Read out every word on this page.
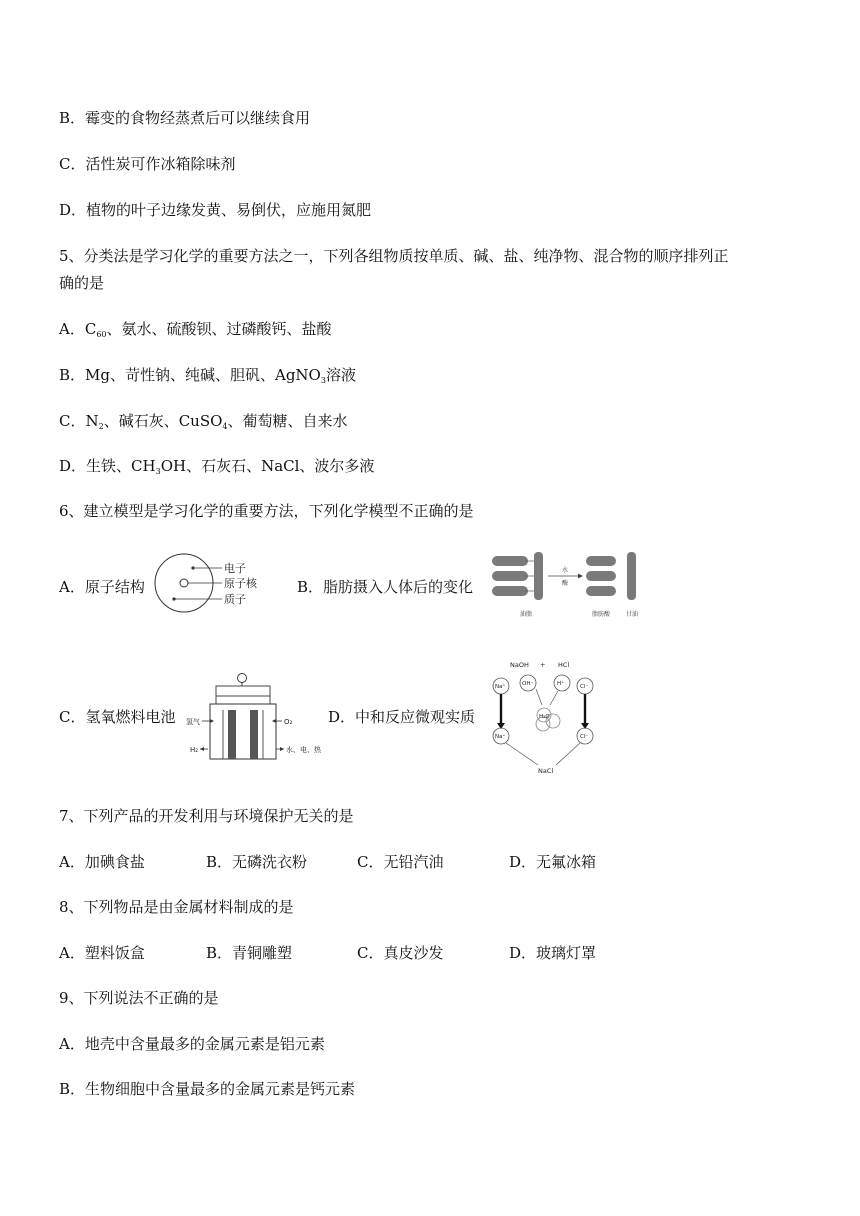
B．霉变的食物经蒸煮后可以继续食用
C．活性炭可作冰箱除味剂
D．植物的叶子边缘发黄、易倒伏，应施用氮肥
5、分类法是学习化学的重要方法之一，下列各组物质按单质、碱、盐、纯净物、混合物的顺序排列正
确的是
A．$C_{60}$、氨水、硫酸钡、过磷酸钙、盐酸
B．Mg、苛性钠、纯碱、胆矾、AgNO$_3$溶液
C．$N_2$、碱石灰、CuSO$_4$、葡萄糖、自来水
D．生铁、$CH_3OH$、石灰石、NaCl、波尔多液
6、建立模型是学习化学的重要方法，下列化学模型不正确的是
A．原子结构
电子
原子核
质子
B．脂肪摄入人体后的变化
水
酶
油脂	脂肪酸	甘油
C．氢氧燃料电池 氢气	O₂
H₂	水、电、热
D．中和反应微观实质
NaOH + HCl
Na⁺	OH⁻	H⁺	Cl⁻
H₂O
Na⁺	Cl⁻
NaCl
7、下列产品的开发利用与环境保护无关的是
A．加碘食盐	B．无磷洗衣粉	C．无铅汽油	D．无氟冰箱
8、下列物品是由金属材料制成的是
A．塑料饭盒	B．青铜雕塑	C．真皮沙发	D．玻璃灯罩
9、下列说法不正确的是
A．地壳中含量最多的金属元素是铝元素
B．生物细胞中含量最多的金属元素是钙元素
